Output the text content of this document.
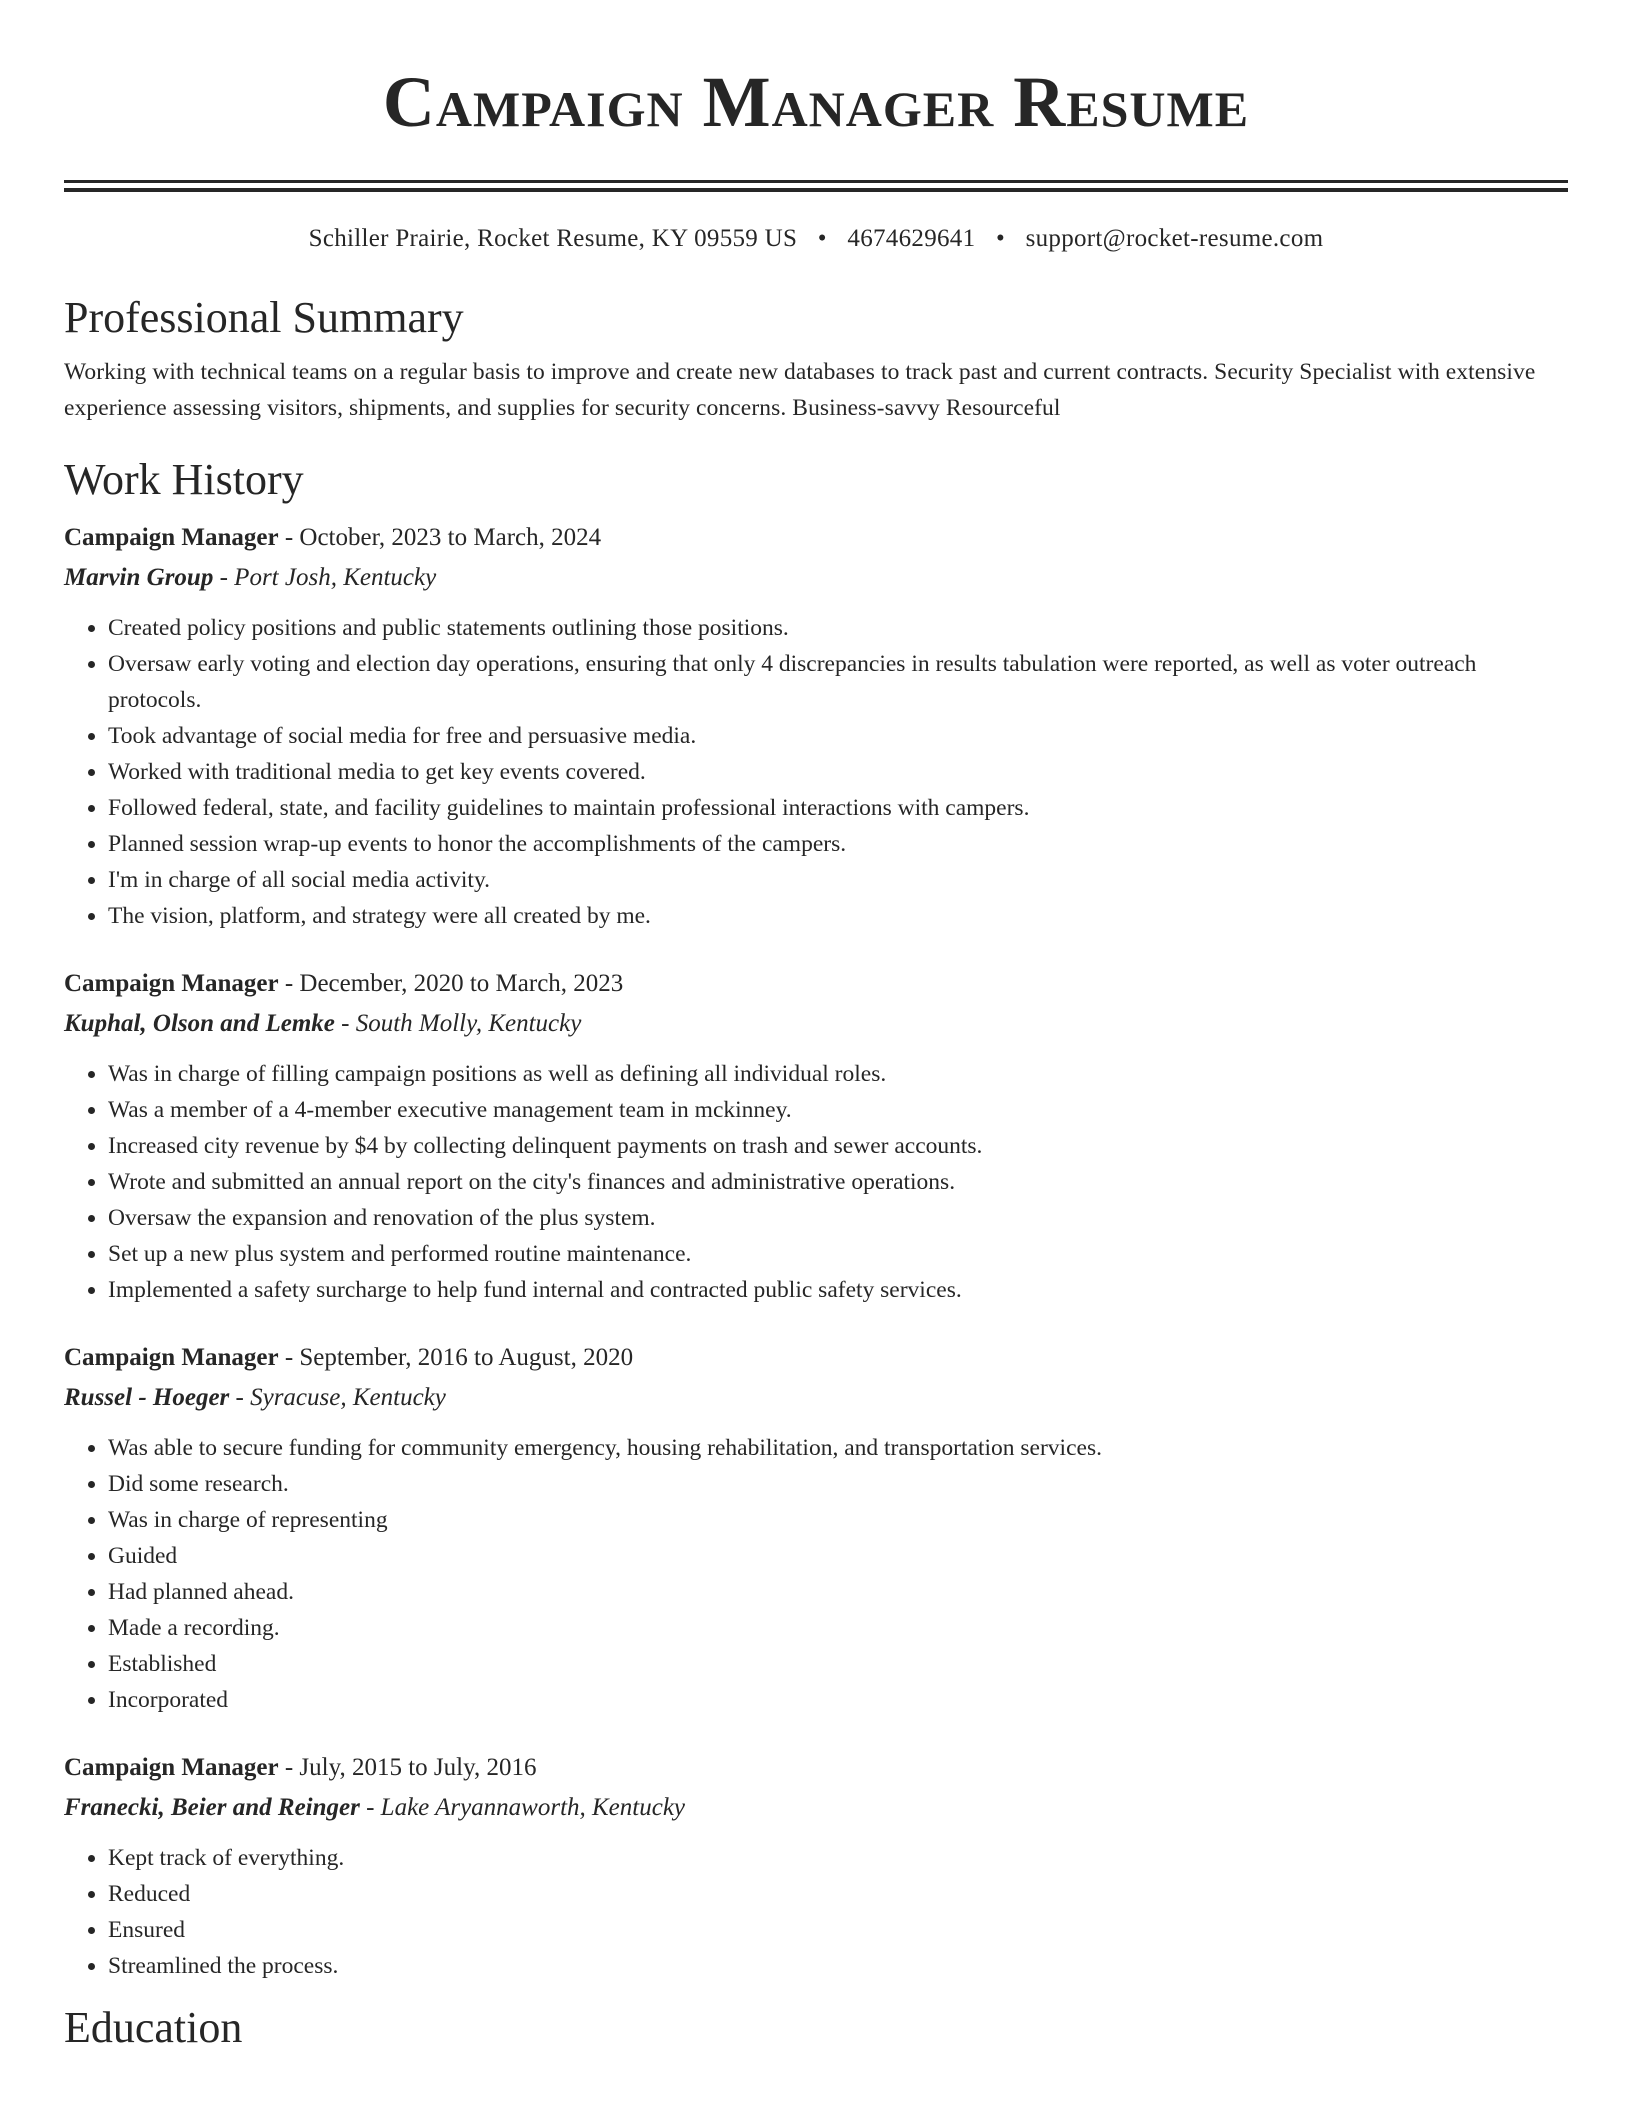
Campaign Manager Resume
Schiller Prairie, Rocket Resume, KY 09559 US • 4674629641 • support@rocket-resume.com
Professional Summary
Working with technical teams on a regular basis to improve and create new databases to track past and current contracts. Security Specialist with extensive experience assessing visitors, shipments, and supplies for security concerns. Business-savvy Resourceful
Work History
Campaign Manager - October, 2023 to March, 2024
Marvin Group - Port Josh, Kentucky
• Created policy positions and public statements outlining those positions.
• Oversaw early voting and election day operations, ensuring that only 4 discrepancies in results tabulation were reported, as well as voter outreach protocols.
• Took advantage of social media for free and persuasive media.
• Worked with traditional media to get key events covered.
• Followed federal, state, and facility guidelines to maintain professional interactions with campers.
• Planned session wrap-up events to honor the accomplishments of the campers.
• I'm in charge of all social media activity.
• The vision, platform, and strategy were all created by me.
Campaign Manager - December, 2020 to March, 2023
Kuphal, Olson and Lemke - South Molly, Kentucky
• Was in charge of filling campaign positions as well as defining all individual roles.
• Was a member of a 4-member executive management team in mckinney.
• Increased city revenue by $4 by collecting delinquent payments on trash and sewer accounts.
• Wrote and submitted an annual report on the city's finances and administrative operations.
• Oversaw the expansion and renovation of the plus system.
• Set up a new plus system and performed routine maintenance.
• Implemented a safety surcharge to help fund internal and contracted public safety services.
Campaign Manager - September, 2016 to August, 2020
Russel - Hoeger - Syracuse, Kentucky
• Was able to secure funding for community emergency, housing rehabilitation, and transportation services.
• Did some research.
• Was in charge of representing
• Guided
• Had planned ahead.
• Made a recording.
• Established
• Incorporated
Campaign Manager - July, 2015 to July, 2016
Franecki, Beier and Reinger - Lake Aryannaworth, Kentucky
• Kept track of everything.
• Reduced
• Ensured
• Streamlined the process.
Education
